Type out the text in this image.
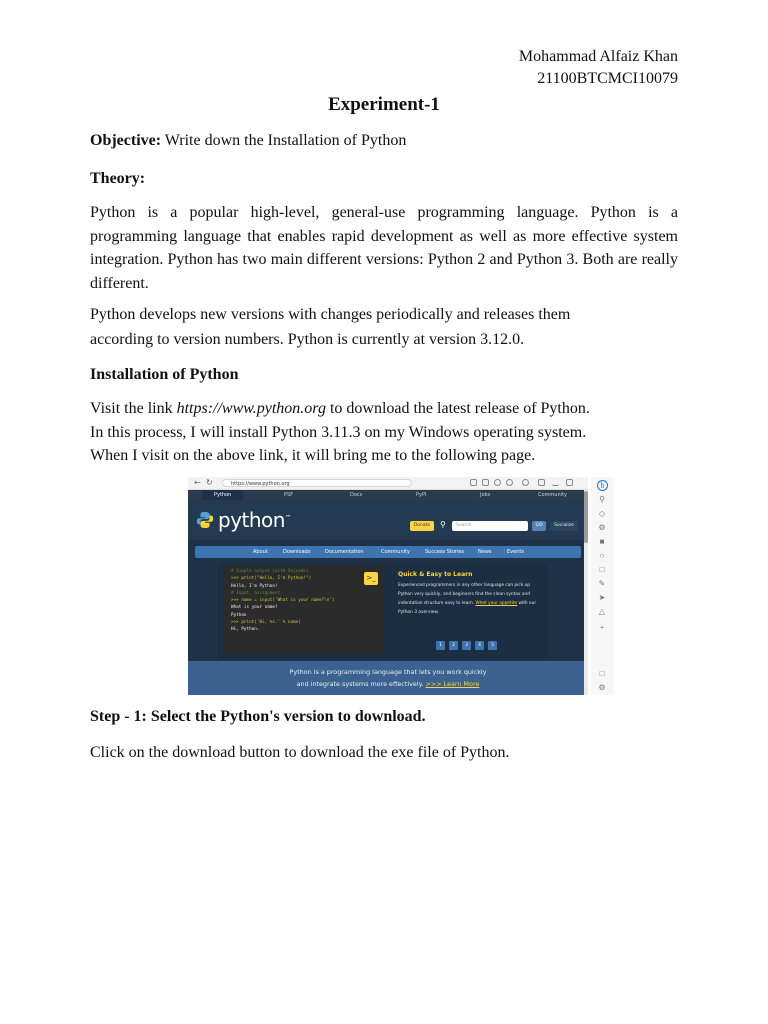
Mohammad Alfaiz Khan
21100BTCMCI10079
Experiment-1
Objective: Write down the Installation of Python
Theory:
Python is a popular high-level, general-use programming language. Python is a programming language that enables rapid development as well as more effective system integration. Python has two main different versions: Python 2 and Python 3. Both are really different.
Python develops new versions with changes periodically and releases them
according to version numbers. Python is currently at version 3.12.0.
Installation of Python
Visit the link https://www.python.org to download the latest release of Python.
In this process, I will install Python 3.11.3 on my Windows operating system.
When I visit on the above link, it will bring me to the following page.
← ↻	https://www.python.org
Python	PSF	Docs	PyPI	Jobs	Community
python™
Donate	⚲	Search	GO	Socialize
About	Downloads	Documentation	Community	Success Stories	News	Events
# Simple output (with Unicode)
>>> print("Hello, I'm Python!")
Hello, I'm Python!
# Input, assignment
>>> name = input('What is your name?\n')
What is your name?
Python
>>> print('Hi, %s.' % name)
Hi, Python.
>_	Quick & Easy to Learn
Experienced programmers in any other language can pick up Python very quickly, and beginners find the clean syntax and indentation structure easy to learn. Whet your appetite with our Python 3 overview.
1	2	3	4	5
Python is a programming language that lets you work quickly
and integrate systems more effectively. >>> Learn More
b
⚲
◇
⚙
■
○
□
✎
➤
△
+
□
⚙
Step - 1: Select the Python's version to download.
Click on the download button to download the exe file of Python.
